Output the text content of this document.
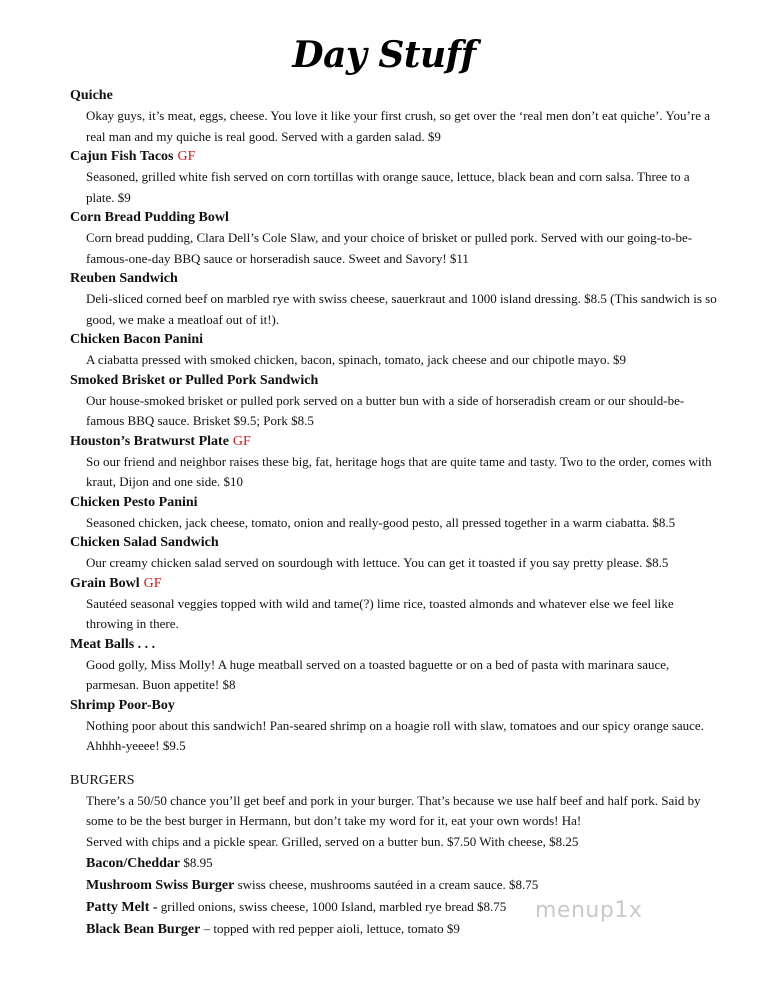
Day Stuff
Quiche
Okay guys, it’s meat, eggs, cheese. You love it like your first crush, so get over the ‘real men don’t eat quiche’. You’re a real man and my quiche is real good. Served with a garden salad. $9
Cajun Fish Tacos GF
Seasoned, grilled white fish served on corn tortillas with orange sauce, lettuce, black bean and corn salsa. Three to a plate. $9
Corn Bread Pudding Bowl
Corn bread pudding, Clara Dell’s Cole Slaw, and your choice of brisket or pulled pork. Served with our going-to-be-famous-one-day BBQ sauce or horseradish sauce. Sweet and Savory! $11
Reuben Sandwich
Deli-sliced corned beef on marbled rye with swiss cheese, sauerkraut and 1000 island dressing. $8.5 (This sandwich is so good, we make a meatloaf out of it!).
Chicken Bacon Panini
A ciabatta pressed with smoked chicken, bacon, spinach, tomato, jack cheese and our chipotle mayo. $9
Smoked Brisket or Pulled Pork Sandwich
Our house-smoked brisket or pulled pork served on a butter bun with a side of horseradish cream or our should-be-famous BBQ sauce. Brisket $9.5; Pork $8.5
Houston’s Bratwurst Plate GF
So our friend and neighbor raises these big, fat, heritage hogs that are quite tame and tasty. Two to the order, comes with kraut, Dijon and one side. $10
Chicken Pesto Panini
Seasoned chicken, jack cheese, tomato, onion and really-good pesto, all pressed together in a warm ciabatta. $8.5
Chicken Salad Sandwich
Our creamy chicken salad served on sourdough with lettuce. You can get it toasted if you say pretty please. $8.5
Grain Bowl GF
Sautéed seasonal veggies topped with wild and tame(?) lime rice, toasted almonds and whatever else we feel like throwing in there.
Meat Balls . . .
Good golly, Miss Molly! A huge meatball served on a toasted baguette or on a bed of pasta with marinara sauce, parmesan. Buon appetite! $8
Shrimp Poor-Boy
Nothing poor about this sandwich! Pan-seared shrimp on a hoagie roll with slaw, tomatoes and our spicy orange sauce. Ahhhh-yeeee! $9.5
BURGERS
There’s a 50/50 chance you’ll get beef and pork in your burger. That’s because we use half beef and half pork. Said by some to be the best burger in Hermann, but don’t take my word for it, eat your own words! Ha!
Served with chips and a pickle spear. Grilled, served on a butter bun. $7.50 With cheese, $8.25
Bacon/Cheddar $8.95
Mushroom Swiss Burger swiss cheese, mushrooms sautéed in a cream sauce. $8.75
Patty Melt - grilled onions, swiss cheese, 1000 Island, marbled rye bread $8.75
Black Bean Burger – topped with red pepper aioli, lettuce, tomato $9
menup1x
